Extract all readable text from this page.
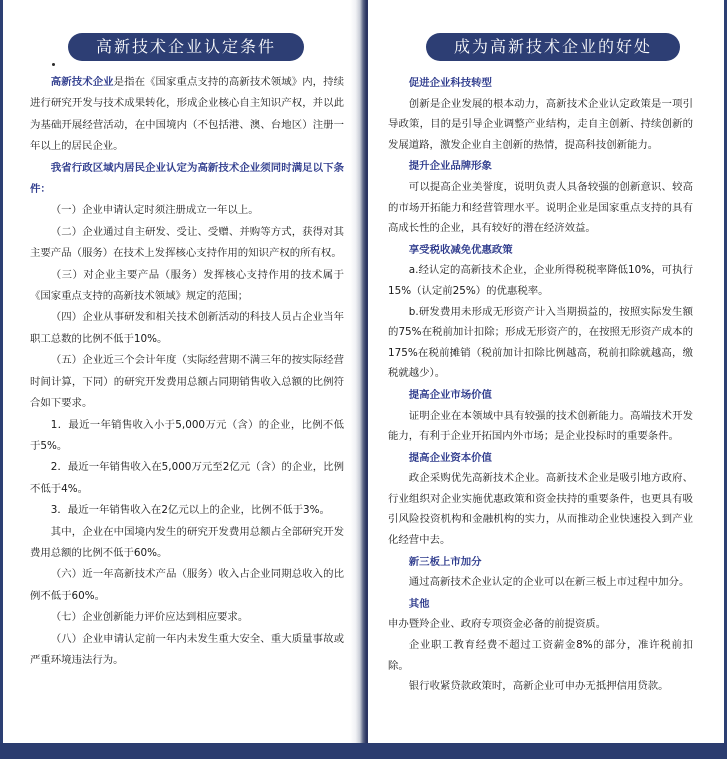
高新技术企业认定条件

高新技术企业是指在《国家重点支持的高新技术领域》内，持续进行研究开发与技术成果转化，形成企业核心自主知识产权，并以此为基础开展经营活动，在中国境内（不包括港、澳、台地区）注册一年以上的居民企业。

我省行政区域内居民企业认定为高新技术企业须同时满足以下条件：

（一）企业申请认定时须注册成立一年以上。

（二）企业通过自主研发、受让、受赠、并购等方式，获得对其主要产品（服务）在技术上发挥核心支持作用的知识产权的所有权。

（三）对企业主要产品（服务）发挥核心支持作用的技术属于《国家重点支持的高新技术领域》规定的范围；

（四）企业从事研发和相关技术创新活动的科技人员占企业当年职工总数的比例不低于10%。

（五）企业近三个会计年度（实际经营期不满三年的按实际经营时间计算，下同）的研究开发费用总额占同期销售收入总额的比例符合如下要求。

1．最近一年销售收入小于5,000万元（含）的企业，比例不低于5%。

2．最近一年销售收入在5,000万元至2亿元（含）的企业，比例不低于4%。

3．最近一年销售收入在2亿元以上的企业，比例不低于3%。

其中，企业在中国境内发生的研究开发费用总额占全部研究开发费用总额的比例不低于60%。

（六）近一年高新技术产品（服务）收入占企业同期总收入的比例不低于60%。

（七）企业创新能力评价应达到相应要求。

（八）企业申请认定前一年内未发生重大安全、重大质量事故或严重环境违法行为。

成为高新技术企业的好处

促进企业科技转型

创新是企业发展的根本动力，高新技术企业认定政策是一项引导政策，目的是引导企业调整产业结构，走自主创新、持续创新的发展道路，激发企业自主创新的热情，提高科技创新能力。

提升企业品牌形象

可以提高企业美誉度，说明负责人具备较强的创新意识、较高的市场开拓能力和经营管理水平。说明企业是国家重点支持的具有高成长性的企业，具有较好的潜在经济效益。

享受税收减免优惠政策

a.经认定的高新技术企业，企业所得税税率降低10%，可执行15%（认定前25%）的优惠税率。

b.研发费用未形成无形资产计入当期损益的，按照实际发生额的75%在税前加计扣除；形成无形资产的，在按照无形资产成本的175%在税前摊销（税前加计扣除比例越高，税前扣除就越高，缴税就越少）。

提高企业市场价值

证明企业在本领域中具有较强的技术创新能力。高端技术开发能力，有利于企业开拓国内外市场；是企业投标时的重要条件。

提高企业资本价值

政企采购优先高新技术企业。高新技术企业是吸引地方政府、行业组织对企业实施优惠政策和资金扶持的重要条件，也更具有吸引风险投资机构和金融机构的实力，从而推动企业快速投入到产业化经营中去。

新三板上市加分

通过高新技术企业认定的企业可以在新三板上市过程中加分。

其他

申办暨羚企业、政府专项资金必备的前提资质。

企业职工教育经费不超过工资薪金8%的部分，准许税前扣除。

银行收紧贷款政策时，高新企业可申办无抵押信用贷款。
